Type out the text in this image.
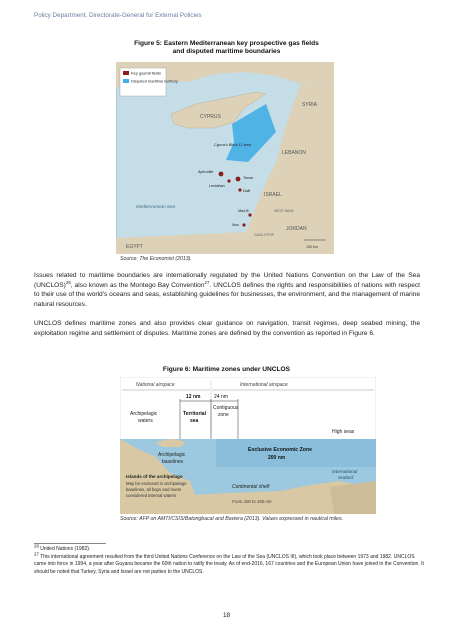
Policy Department, Directorate-General for External Policies
Figure 5: Eastern Mediterranean key prospective gas fields
and disputed maritime boundaries
Key gas/oil fields
Disputed maritime territory
SYRIA
CYPRUS
LEBANON
ISRAEL
JORDAN
EGYPT
WEST BANK
GAZA STRIP
Mediterranean Sea
Cyprus's Block 12 area
Aphrodite
Tamar
Leviathan
Dalit
Mari-B
Noa
100 km
Source: The Economist (2013).

Issues related to maritime boundaries are internationally regulated by the United Nations Convention on the Law of the Sea (UNCLOS)$^{26}$, also known as the Montego Bay Convention$^{27}$. UNCLOS defines the rights and responsibilities of nations with respect to their use of the world's oceans and seas, establishing guidelines for businesses, the environment, and the management of marine natural resources.

UNCLOS defines maritime zones and also provides clear guidance on navigation, transit regimes, deep seabed mining, the exploitation regime and settlement of disputes. Maritime zones are defined by the convention as reported in Figure 6.

Figure 6: Maritime zones under UNCLOS
National airspace	International airspace
12 nm	24 nm
Archipelagic
waters
Territorial
sea
Contiguous
zone
High seas
Exclusive Economic Zone
200 nm
Archipelagic
baselines
Islands of the archipelago
May be enclosed in archipelago
baselines, all bays and rivers
considered internal waters
Continental shelf
From 200 to 350 nm
International
seabed
Source: AFP on AMTI/CSIS/Batongbacal and Baviera (2013). Values expressed in nautical miles.

$^{26}$ United Nations (1982).

$^{27}$ This international agreement resulted from the third United Nations Conference on the Law of the Sea (UNCLOS III), which took place between 1973 and 1982. UNCLOS came into force in 1994, a year after Guyana became the 60th nation to ratify the treaty. As of end-2016, 167 countries and the European Union have joined in the Convention. It should be noted that Turkey, Syria and Israel are not parties to the UNCLOS.

18
